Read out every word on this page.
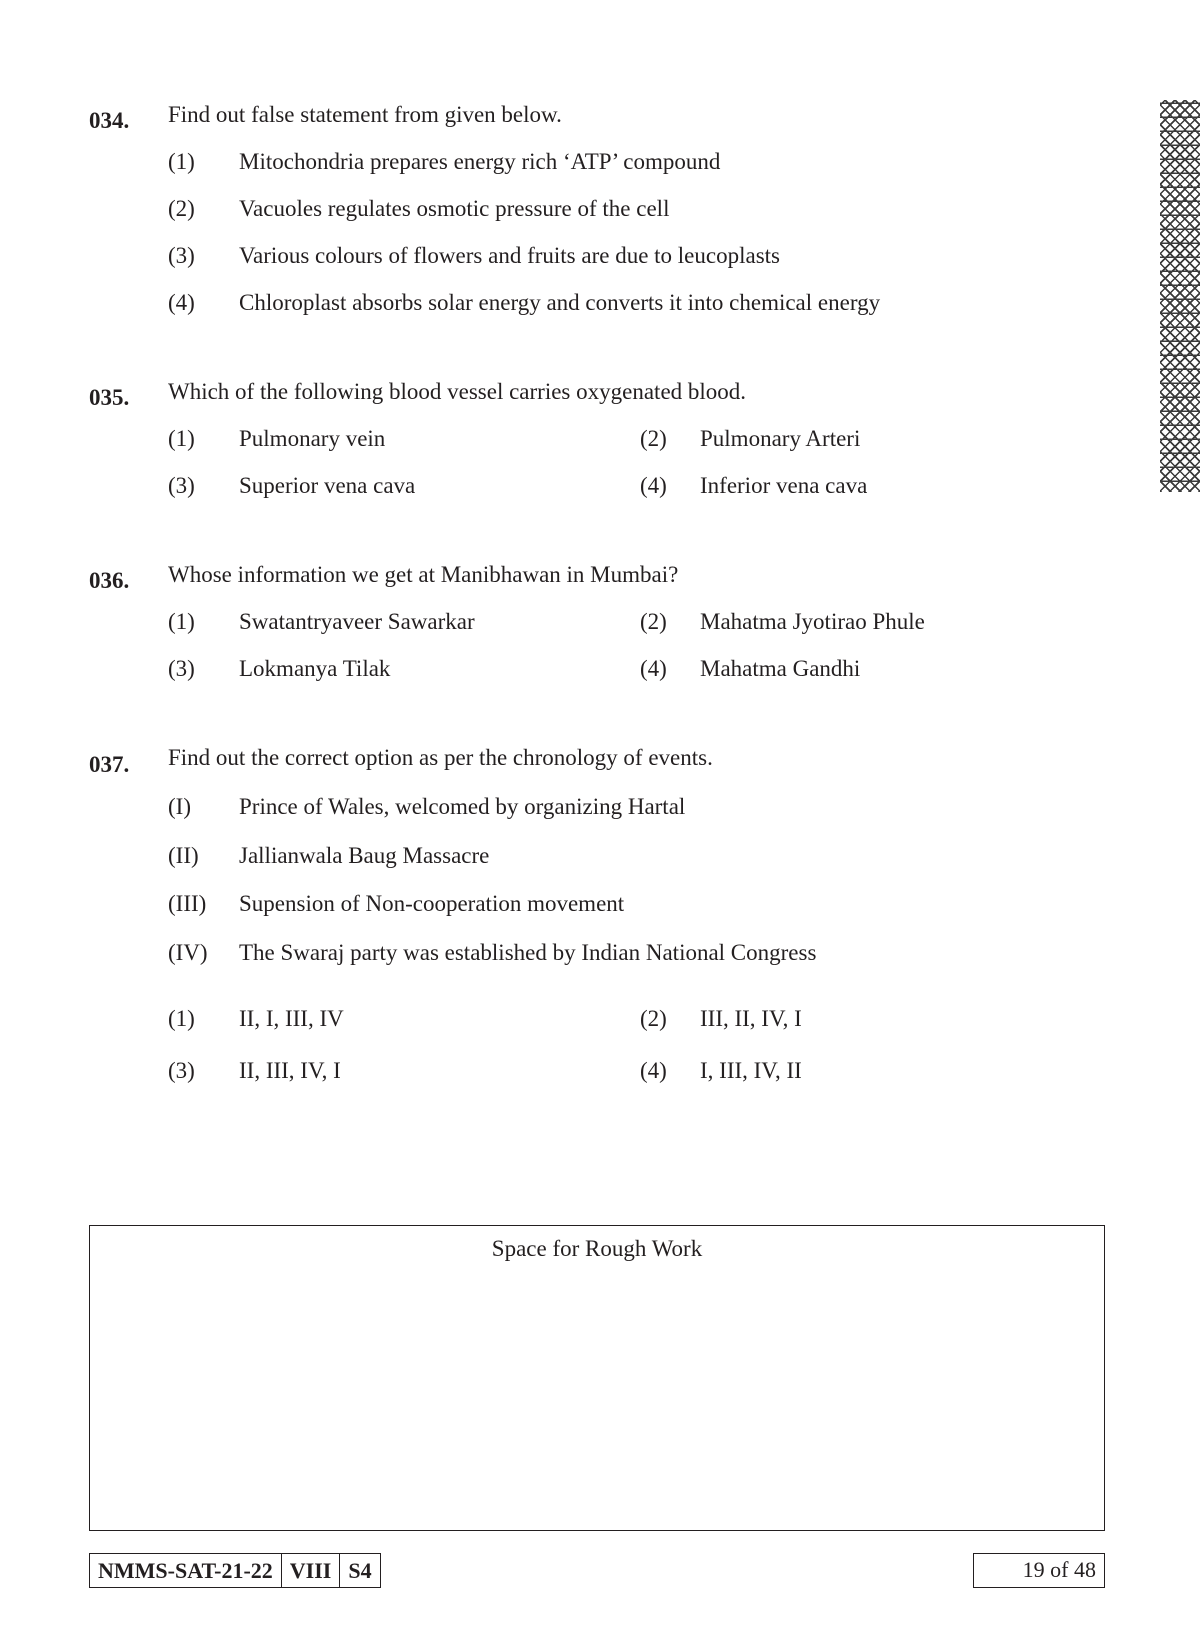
034. Find out false statement from given below.
(1) Mitochondria prepares energy rich ‘ATP’ compound
(2) Vacuoles regulates osmotic pressure of the cell
(3) Various colours of flowers and fruits are due to leucoplasts
(4) Chloroplast absorbs solar energy and converts it into chemical energy
035. Which of the following blood vessel carries oxygenated blood.
(1) Pulmonary vein	(2) Pulmonary Arteri
(3) Superior vena cava	(4) Inferior vena cava
036. Whose information we get at Manibhawan in Mumbai?
(1) Swatantryaveer Sawarkar	(2) Mahatma Jyotirao Phule
(3) Lokmanya Tilak	(4) Mahatma Gandhi
037. Find out the correct option as per the chronology of events.
(I) Prince of Wales, welcomed by organizing Hartal
(II) Jallianwala Baug Massacre
(III) Supension of Non-cooperation movement
(IV) The Swaraj party was established by Indian National Congress
(1) II, I, III, IV	(2) III, II, IV, I
(3) II, III, IV, I	(4) I, III, IV, II
Space for Rough Work
NMMS-SAT-21-22 VIII S4	19 of 48
